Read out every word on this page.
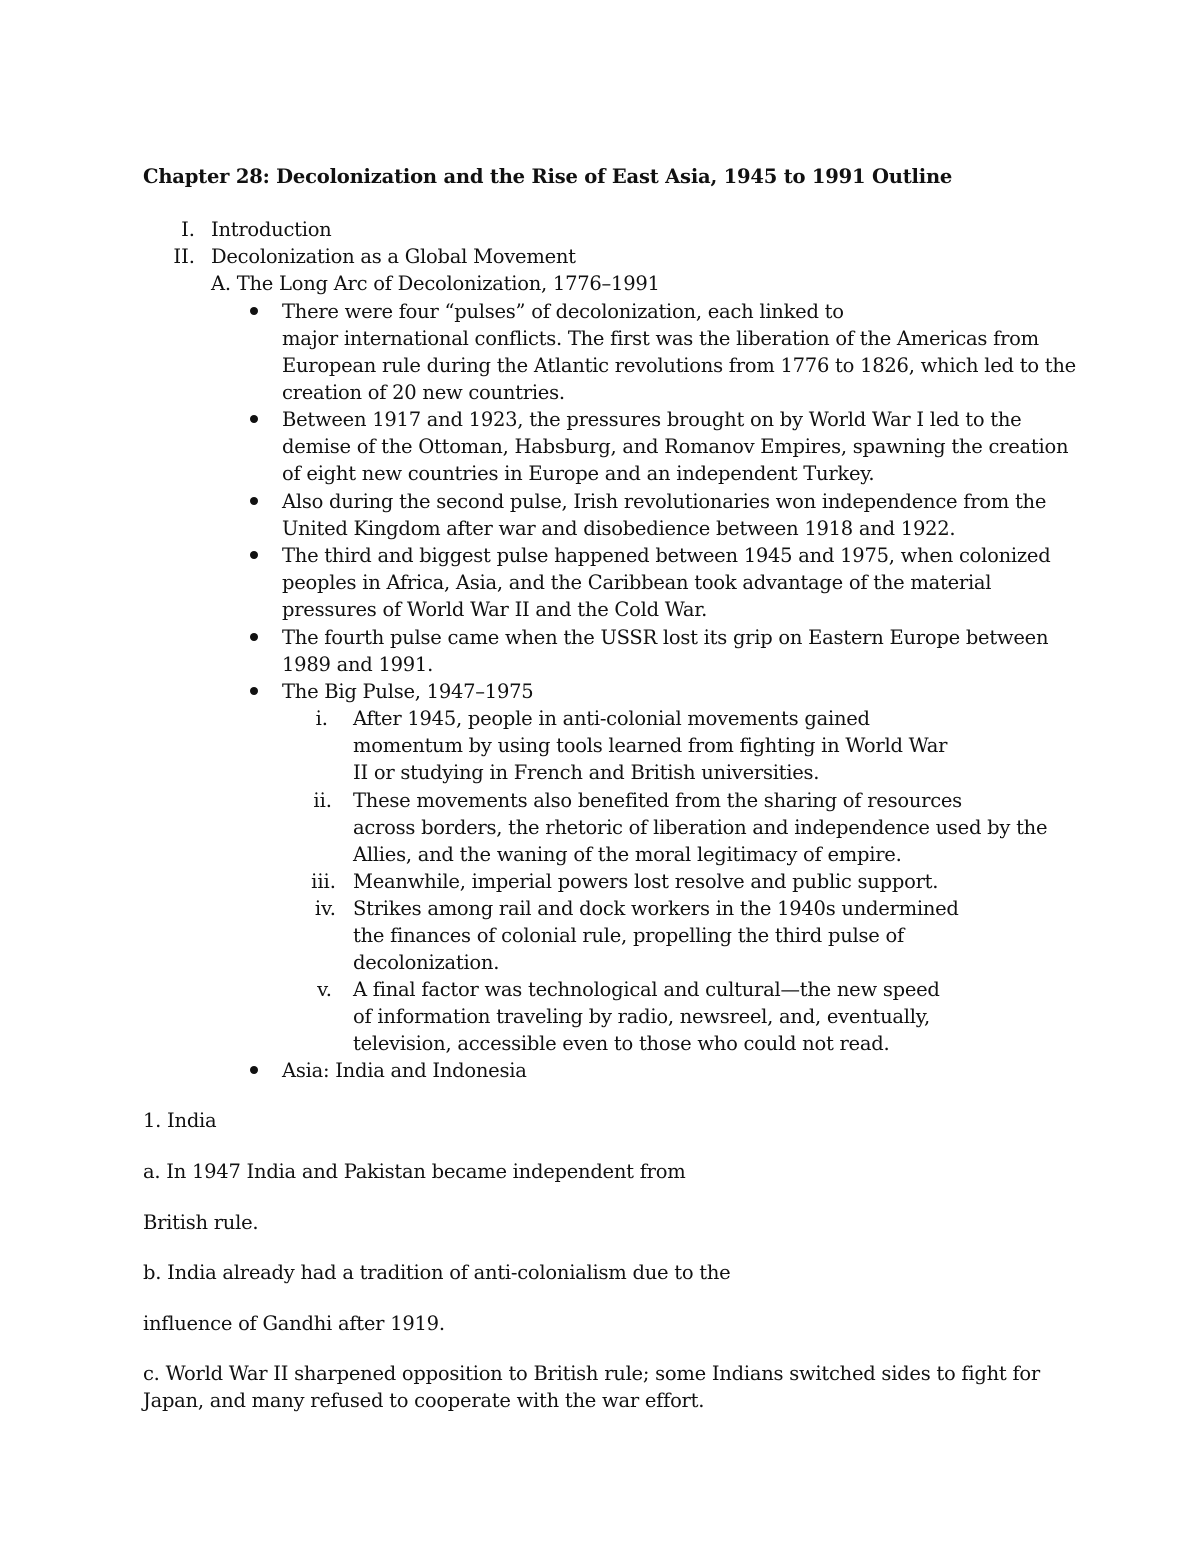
Chapter 28: Decolonization and the Rise of East Asia, 1945 to 1991 Outline
I. Introduction
II. Decolonization as a Global Movement
A. The Long Arc of Decolonization, 1776–1991
There were four “pulses” of decolonization, each linked to
major international conflicts. The first was the liberation of the Americas from
European rule during the Atlantic revolutions from 1776 to 1826, which led to the
creation of 20 new countries.
Between 1917 and 1923, the pressures brought on by World War I led to the
demise of the Ottoman, Habsburg, and Romanov Empires, spawning the creation
of eight new countries in Europe and an independent Turkey.
Also during the second pulse, Irish revolutionaries won independence from the
United Kingdom after war and disobedience between 1918 and 1922.
The third and biggest pulse happened between 1945 and 1975, when colonized
peoples in Africa, Asia, and the Caribbean took advantage of the material
pressures of World War II and the Cold War.
The fourth pulse came when the USSR lost its grip on Eastern Europe between
1989 and 1991.
The Big Pulse, 1947–1975
i. After 1945, people in anti-colonial movements gained
momentum by using tools learned from fighting in World War
II or studying in French and British universities.
ii. These movements also benefited from the sharing of resources
across borders, the rhetoric of liberation and independence used by the
Allies, and the waning of the moral legitimacy of empire.
iii. Meanwhile, imperial powers lost resolve and public support.
iv. Strikes among rail and dock workers in the 1940s undermined
the finances of colonial rule, propelling the third pulse of
decolonization.
v. A final factor was technological and cultural—the new speed
of information traveling by radio, newsreel, and, eventually,
television, accessible even to those who could not read.
Asia: India and Indonesia
1. India
a. In 1947 India and Pakistan became independent from
British rule.
b. India already had a tradition of anti-colonialism due to the
influence of Gandhi after 1919.
c. World War II sharpened opposition to British rule; some Indians switched sides to fight for
Japan, and many refused to cooperate with the war effort.
